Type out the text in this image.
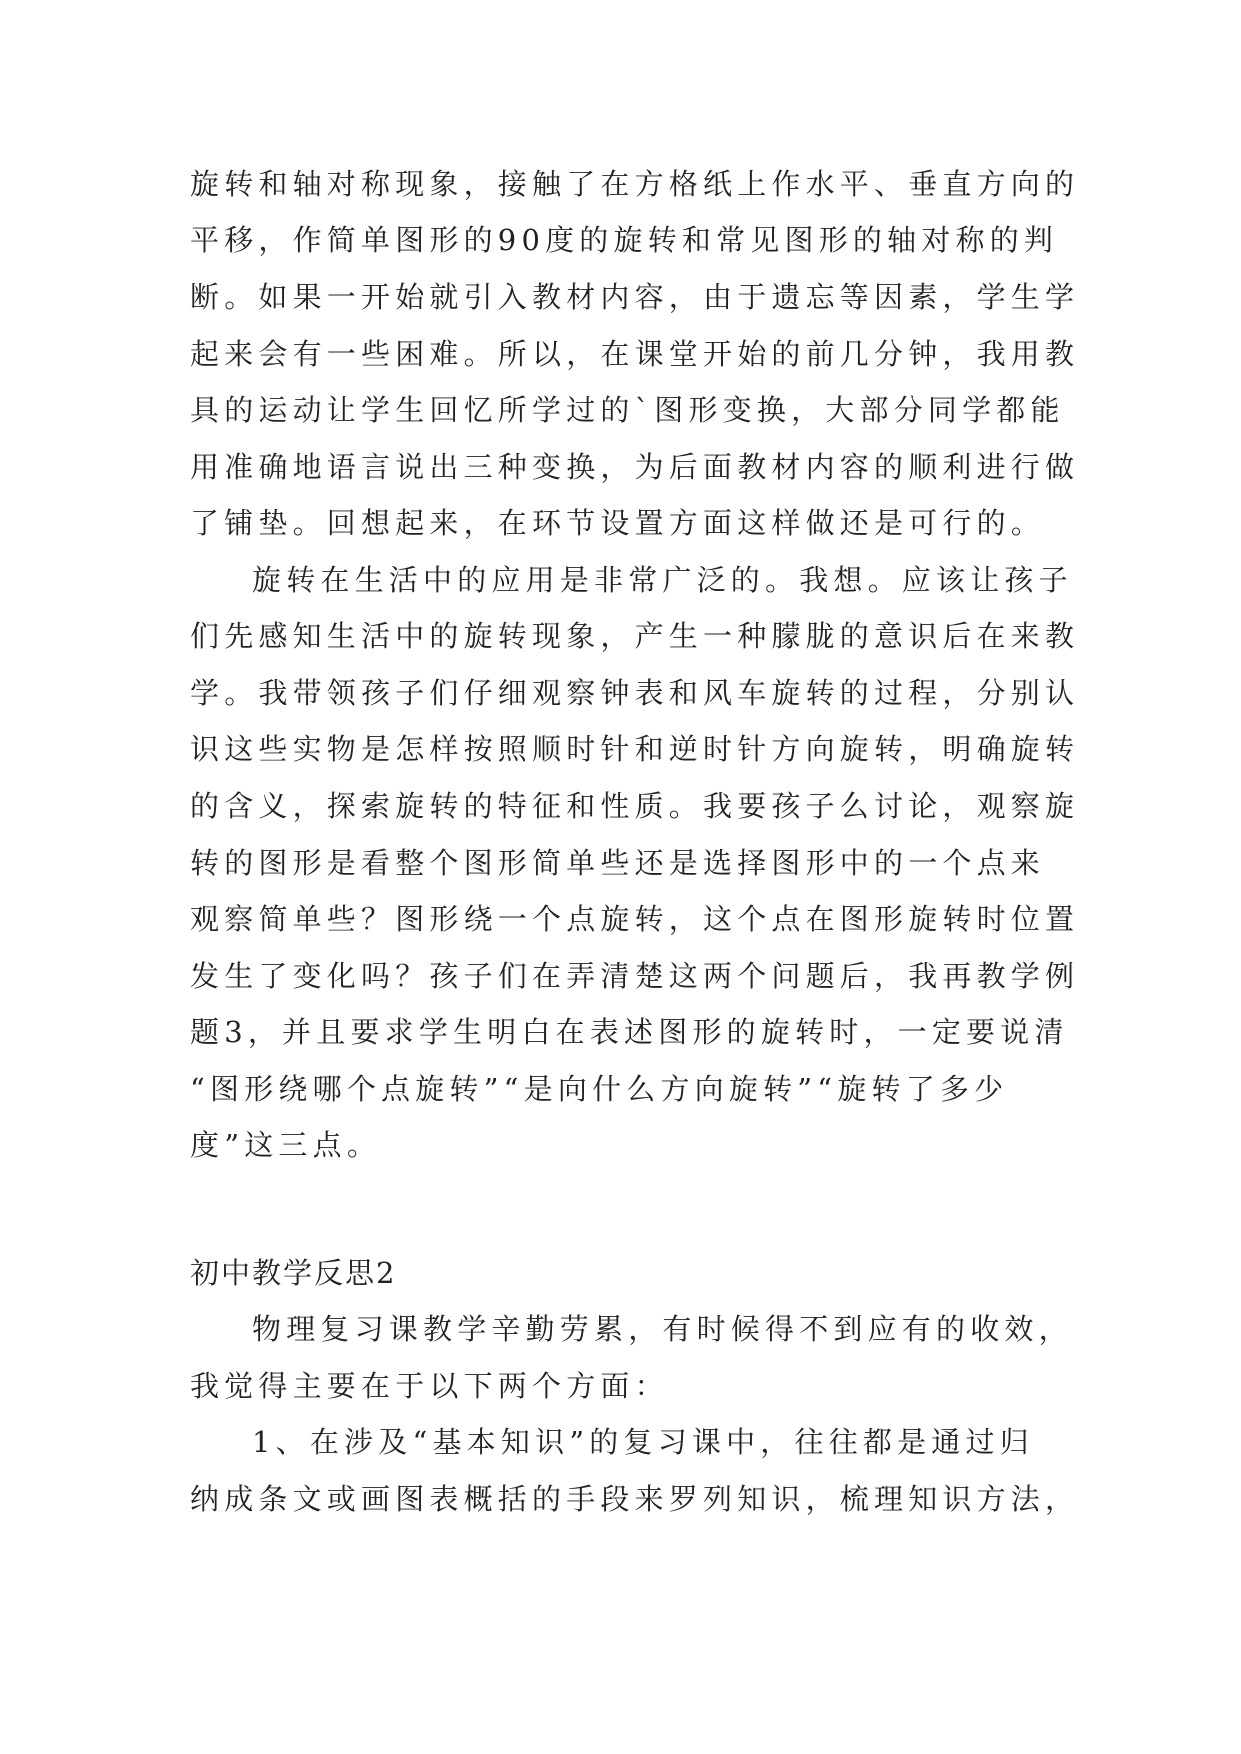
旋转和轴对称现象，接触了在方格纸上作水平、垂直方向的
平移，作简单图形的90度的旋转和常见图形的轴对称的判
断。如果一开始就引入教材内容，由于遗忘等因素，学生学
起来会有一些困难。所以，在课堂开始的前几分钟，我用教
具的运动让学生回忆所学过的`图形变换，大部分同学都能
用准确地语言说出三种变换，为后面教材内容的顺利进行做
了铺垫。回想起来，在环节设置方面这样做还是可行的。
旋转在生活中的应用是非常广泛的。我想。应该让孩子
们先感知生活中的旋转现象，产生一种朦胧的意识后在来教
学。我带领孩子们仔细观察钟表和风车旋转的过程，分别认
识这些实物是怎样按照顺时针和逆时针方向旋转，明确旋转
的含义，探索旋转的特征和性质。我要孩子么讨论，观察旋
转的图形是看整个图形简单些还是选择图形中的一个点来
观察简单些？图形绕一个点旋转，这个点在图形旋转时位置
发生了变化吗？孩子们在弄清楚这两个问题后，我再教学例
题3，并且要求学生明白在表述图形的旋转时，一定要说清
“图形绕哪个点旋转”“是向什么方向旋转”“旋转了多少
度”这三点。
初中教学反思2
物理复习课教学辛勤劳累，有时候得不到应有的收效，
我觉得主要在于以下两个方面：
1、在涉及“基本知识”的复习课中，往往都是通过归
纳成条文或画图表概括的手段来罗列知识，梳理知识方法，
